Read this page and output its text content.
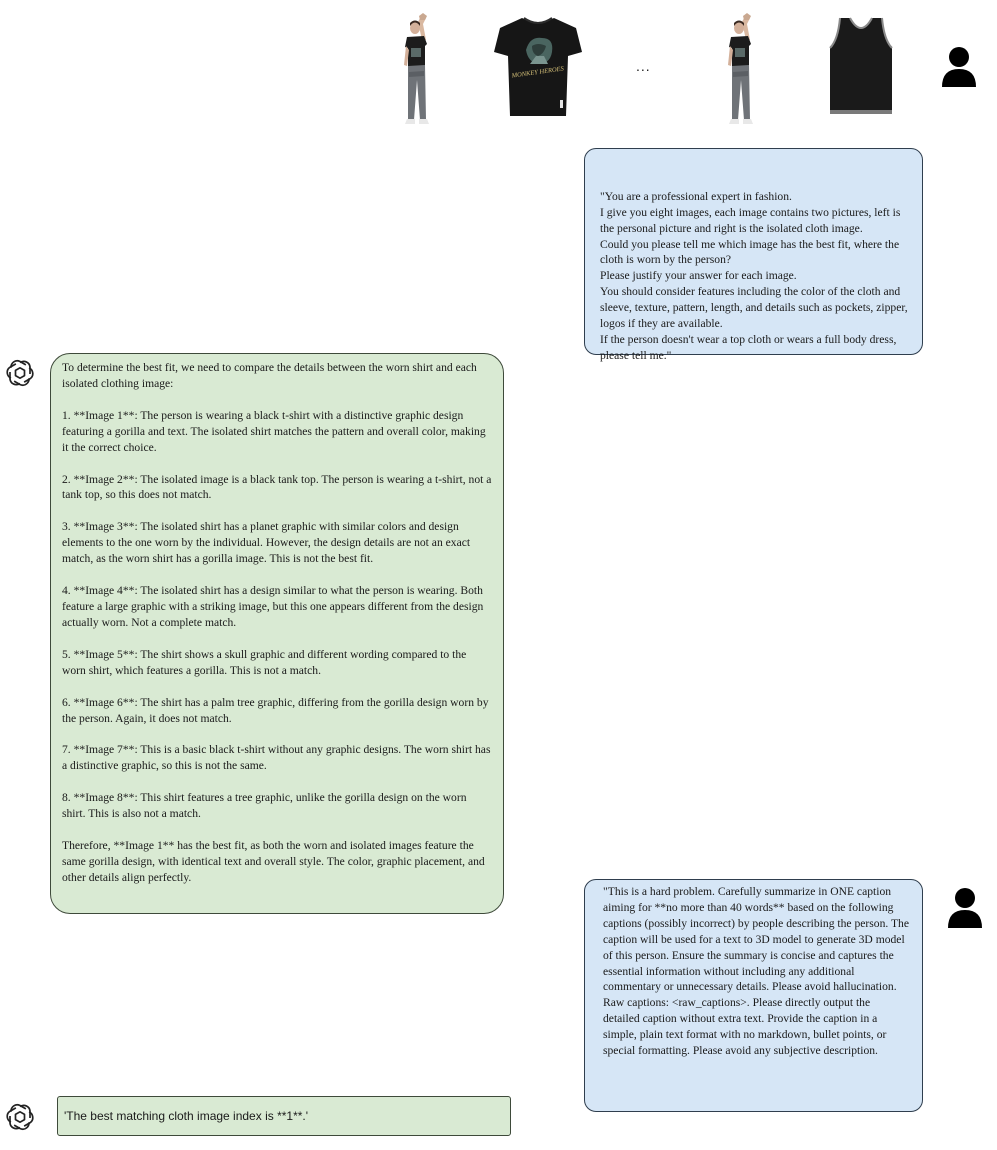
MONKEY HEROES	...

"You are a professional expert in fashion.
I give you eight images, each image contains two pictures, left is the personal picture and right is the isolated cloth image.
Could you please tell me which image has the best fit, where the cloth is worn by the person?
Please justify your answer for each image.
You should consider features including the color of the cloth and sleeve, texture, pattern, length, and details such as pockets, zipper, logos if they are available.
If the person doesn't wear a top cloth or wears a full body dress, please tell me."

To determine the best fit, we need to compare the details between the worn shirt and each isolated clothing image:

1. **Image 1**: The person is wearing a black t-shirt with a distinctive graphic design featuring a gorilla and text. The isolated shirt matches the pattern and overall color, making it the correct choice.

2. **Image 2**: The isolated image is a black tank top. The person is wearing a t-shirt, not a tank top, so this does not match.

3. **Image 3**: The isolated shirt has a planet graphic with similar colors and design elements to the one worn by the individual. However, the design details are not an exact match, as the worn shirt has a gorilla image. This is not the best fit.

4. **Image 4**: The isolated shirt has a design similar to what the person is wearing. Both feature a large graphic with a striking image, but this one appears different from the design actually worn. Not a complete match.

5. **Image 5**: The shirt shows a skull graphic and different wording compared to the worn shirt, which features a gorilla. This is not a match.

6. **Image 6**: The shirt has a palm tree graphic, differing from the gorilla design worn by the person. Again, it does not match.

7. **Image 7**: This is a basic black t-shirt without any graphic designs. The worn shirt has a distinctive graphic, so this is not the same.

8. **Image 8**: This shirt features a tree graphic, unlike the gorilla design on the worn shirt. This is also not a match.

Therefore, **Image 1** has the best fit, as both the worn and isolated images feature the same gorilla design, with identical text and overall style. The color, graphic placement, and other details align perfectly.

"This is a hard problem. Carefully summarize in ONE caption aiming for **no more than 40 words** based on the following captions (possibly incorrect) by people describing the person. The caption will be used for a text to 3D model to generate 3D model of this person. Ensure the summary is concise and captures the essential information without including any additional commentary or unnecessary details. Please avoid hallucination. Raw captions: <raw_captions>. Please directly output the detailed caption without extra text. Provide the caption in a simple, plain text format with no markdown, bullet points, or special formatting. Please avoid any subjective description.
'The best matching cloth image index is **1**.'
